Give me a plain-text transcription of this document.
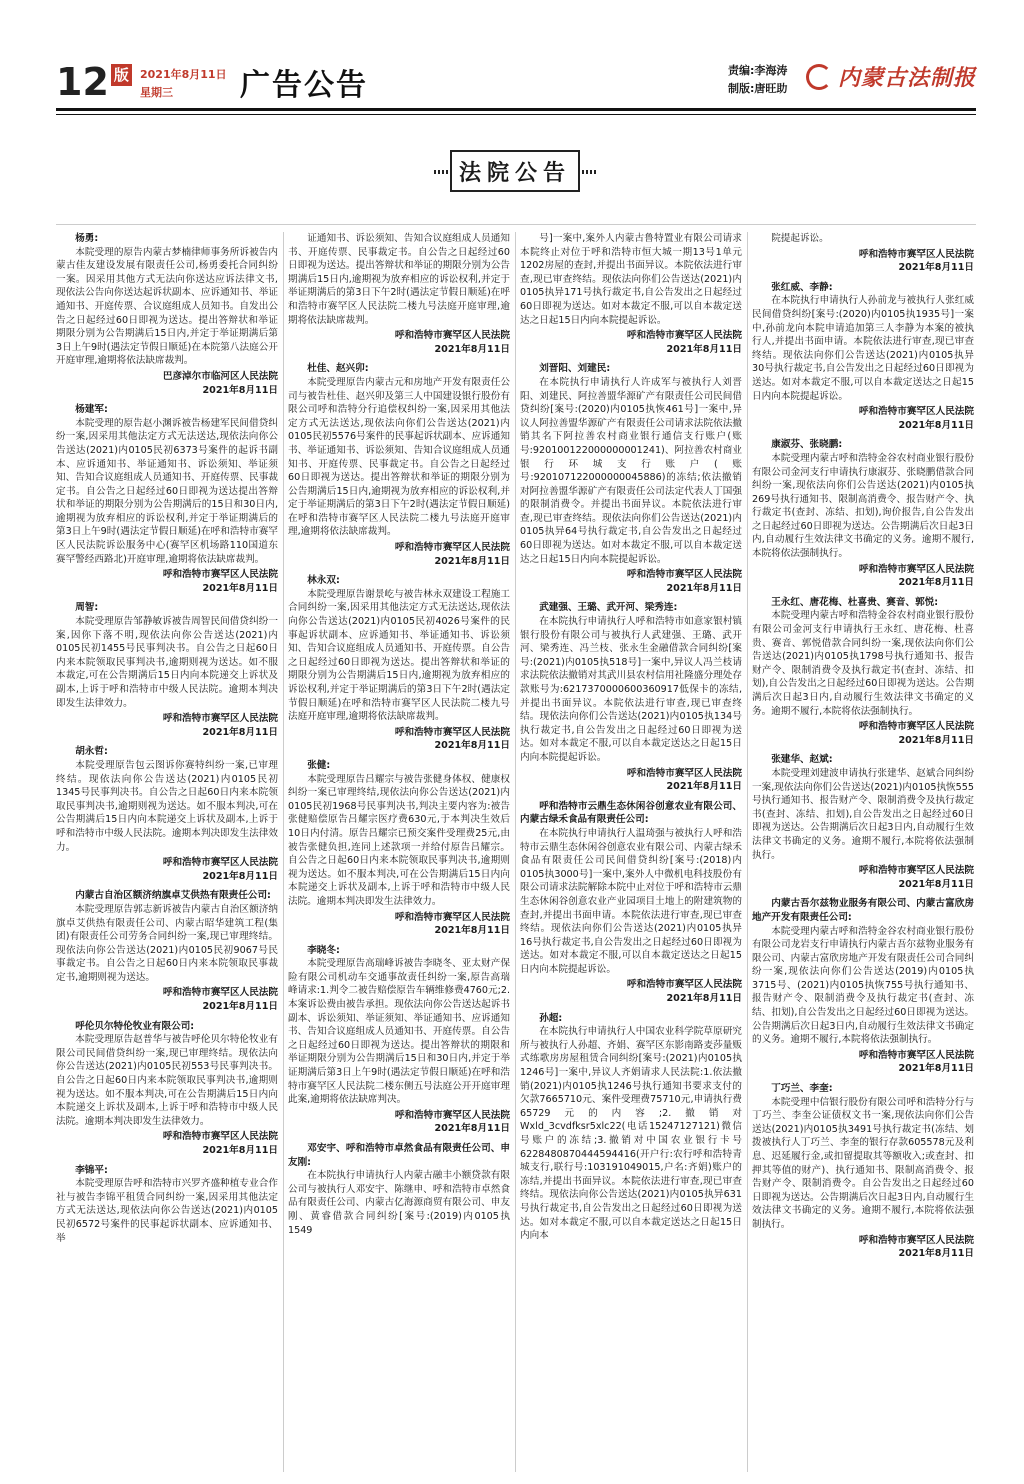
12 版 2021年8月11日
星期三	广告公告	责编:李海涛
制版:唐旺助 内蒙古法制报
法院公告

杨勇:

本院受理的原告内蒙古梦楠律师事务所诉被告内蒙古佳友建设发展有限责任公司,杨勇委托合同纠纷一案。因采用其他方式无法向你送达应诉法律文书,现依法公告向你送达起诉状副本、应诉通知书、举证通知书、开庭传票、合议庭组成人员知书。自发出公告之日起经过60日即视为送达。提出答辩状和举证期限分别为公告期满后15日内,并定于举证期满后第3日上午9时(遇法定节假日顺延)在本院第八法庭公开开庭审理,逾期将依法缺席裁判。

巴彦淖尔市临河区人民法院

2021年8月11日

杨建军:

本院受理的原告赵小渊诉被告杨建军民间借贷纠纷一案,因采用其他法定方式无法送达,现依法向你公告送达(2021)内0105民初6373号案件的起诉书副本、应诉通知书、举证通知书、诉讼须知、举证须知、告知合议庭组成人员通知书、开庭传票、民事裁定书。自公告之日起经过60日即视为送达提出答辩状和举证的期限分别为公告期满后的15日和30日内,逾期视为放弃相应的诉讼权利,并定于举证期满后的第3日上午9时(遇法定节假日顺延)在呼和浩特市赛罕区人民法院诉讼服务中心(赛罕区机场路110国道东赛罕警经西路北)开庭审理,逾期将依法缺席裁判。

呼和浩特市赛罕区人民法院

2021年8月11日

周智:

本院受理原告邹静敏诉被告周智民间借贷纠纷一案,因你下落不明,现依法向你公告送达(2021)内0105民初1455号民事判决书。自公告之日起60日内来本院领取民事判决书,逾期则视为送达。如不服本裁定,可在公告期满后15日内向本院递交上诉状及副本,上诉于呼和浩特市中级人民法院。逾期本判决即发生法律效力。

呼和浩特市赛罕区人民法院

2021年8月11日

胡永哲:

本院受理原告包云图诉你赛特纠纷一案,已审理终结。现依法向你公告送达(2021)内0105民初1345号民事判决书。自公告之日起60日内来本院领取民事判决书,逾期则视为送达。如不服本判决,可在公告期满后15日内向本院递交上诉状及副本,上诉于呼和浩特市中级人民法院。逾期本判决即发生法律效力。

呼和浩特市赛罕区人民法院

2021年8月11日

内蒙古自治区额济纳旗卓艾供热有限责任公司:

本院受理原告郭志新诉被告内蒙古自治区额济纳旗卓艾供热有限责任公司、内蒙古昭华建筑工程(集团)有限责任公司劳务合同纠纷一案,现已审理终结。现依法向你公告送达(2021)内0105民初9067号民事裁定书。自公告之日起60日内来本院领取民事裁定书,逾期则视为送达。

呼和浩特市赛罕区人民法院

2021年8月11日

呼伦贝尔特伦牧业有限公司:

本院受理原告赵普华与被告呼伦贝尔特伦牧业有限公司民间借贷纠纷一案,现已审理终结。现依法向你公告送达(2021)内0105民初553号民事判决书。自公告之日起60日内来本院领取民事判决书,逾期则视为送达。如不服本判决,可在公告期满后15日内向本院递交上诉状及副本,上诉于呼和浩特市中级人民法院。逾期本判决即发生法律效力。

呼和浩特市赛罕区人民法院

2021年8月11日

李锦平:

本院受理原告呼和浩特市兴罗齐盛种植专业合作社与被告李锦平租赁合同纠纷一案,因采用其他法定方式无法送达,现依法向你公告送达(2021)内0105民初6572号案件的民事起诉状副本、应诉通知书、举

证通知书、诉讼须知、告知合议庭组成人员通知书、开庭传票、民事裁定书。自公告之日起经过60日即视为送达。提出答辩状和举证的期限分别为公告期满后15日内,逾期视为放弃相应的诉讼权利,并定于举证期满后的第3日下午2时(遇法定节假日顺延)在呼和浩特市赛罕区人民法院二楼九号法庭开庭审理,逾期将依法缺席裁判。

呼和浩特市赛罕区人民法院

2021年8月11日

杜佳、赵兴卯:

本院受理原告内蒙古元和房地产开发有限责任公司与被告杜佳、赵兴卯及第三人中国建设银行股份有限公司呼和浩特分行追偿权纠纷一案,因采用其他法定方式无法送达,现依法向你们公告送达(2021)内0105民初5576号案件的民事起诉状副本、应诉通知书、举证通知书、诉讼须知、告知合议庭组成人员通知书、开庭传票、民事裁定书。自公告之日起经过60日即视为送达。提出答辩状和举证的期限分别为公告期满后15日内,逾期视为放弃相应的诉讼权利,并定于举证期满后的第3日下午2时(遇法定节假日顺延)在呼和浩特市赛罕区人民法院二楼九号法庭开庭审理,逾期将依法缺席裁判。

呼和浩特市赛罕区人民法院

2021年8月11日

林永双:

本院受理原告谢景屹与被告林永双建设工程施工合同纠纷一案,因采用其他法定方式无法送达,现依法向你公告送达(2021)内0105民初4026号案件的民事起诉状副本、应诉通知书、举证通知书、诉讼须知、告知合议庭组成人员通知书、开庭传票。自公告之日起经过60日即视为送达。提出答辩状和举证的期限分别为公告期满后15日内,逾期视为放弃相应的诉讼权利,并定于举证期满后的第3日下午2时(遇法定节假日顺延)在呼和浩特市赛罕区人民法院二楼九号法庭开庭审理,逾期将依法缺席裁判。

呼和浩特市赛罕区人民法院

2021年8月11日

张健:

本院受理原告吕耀宗与被告张健身体权、健康权纠纷一案已审理终结,现依法向你公告送达(2021)内0105民初1968号民事判决书,判决主要内容为:被告张健赔偿原告吕耀宗医疗费630元,于本判决生效后10日内付清。原告吕耀宗已预交案件受理费25元,由被告张健负担,连同上述款项一并给付原告吕耀宗。自公告之日起60日内来本院领取民事判决书,逾期则视为送达。如不服本判决,可在公告期满后15日内向本院递交上诉状及副本,上诉于呼和浩特市中级人民法院。逾期本判决即发生法律效力。

呼和浩特市赛罕区人民法院

2021年8月11日

李晓冬:

本院受理原告高瑞峰诉被告李晓冬、亚太财产保险有限公司机动车交通事故责任纠纷一案,原告高瑞峰请求:1.判令二被告赔偿原告车辆维修费4760元;2.本案诉讼费由被告承担。现依法向你公告送达起诉书副本、诉讼须知、举证须知、举证通知书、应诉通知书、告知合议庭组成人员通知书、开庭传票。自公告之日起经过60日即视为送达。提出答辩状的期限和举证期限分别为公告期满后15日和30日内,并定于举证期满后第3日上午9时(遇法定节假日顺延)在呼和浩特市赛罕区人民法院二楼东侧五号法庭公开开庭审理此案,逾期将依法缺席判决。

呼和浩特市赛罕区人民法院

2021年8月11日

邓安宇、呼和浩特市卓然食品有限责任公司、申友刚:

在本院执行申请执行人内蒙古融丰小额贷款有限公司与被执行人邓安宇、陈继申、呼和浩特市卓然食品有限责任公司、内蒙古亿海源商贸有限公司、申友刚、黄睿借款合同纠纷[案号:(2019)内0105执1549

号]一案中,案外人内蒙古鲁特置业有限公司请求本院终止对位于呼和浩特市恒大城一期13号1单元1202房屋的查封,并提出书面异议。本院依法进行审查,现已审查终结。现依法向你们公告送达(2021)内0105执异171号执行裁定书,自公告发出之日起经过60日即视为送达。如对本裁定不服,可以自本裁定送达之日起15日内向本院提起诉讼。

呼和浩特市赛罕区人民法院

2021年8月11日

刘晋阳、刘建民:

在本院执行申请执行人许成军与被执行人刘晋阳、刘建民、阿拉善盟华源矿产有限责任公司民间借贷纠纷[案号:(2020)内0105执恢461号]一案中,异议人阿拉善盟华源矿产有限责任公司请求法院依法撤销其名下阿拉善农村商业银行通信支行账户(账号:920100122000000001241)、阿拉善农村商业银行环城支行账户(账号:920107122000000045886)的冻结;依法撤销对阿拉善盟华源矿产有限责任公司法定代表人丁国强的限制消费令。并提出书面异议。本院依法进行审查,现已审查终结。现依法向你们公告送达(2021)内0105执异64号执行裁定书,自公告发出之日起经过60日即视为送达。如对本裁定不服,可以自本裁定送达之日起15日内向本院提起诉讼。

呼和浩特市赛罕区人民法院

2021年8月11日

武建强、王璐、武开河、梁秀连:

在本院执行申请执行人呼和浩特市如意家银村镇银行股份有限公司与被执行人武建强、王璐、武开河、梁秀连、冯兰枝、张永生金融借款合同纠纷[案号:(2021)内0105执518号]一案中,异议人冯兰枝请求法院依法撤销对其武川县农村信用社隆盛分理处存款账号为:6217370000600360917低保卡的冻结,并提出书面异议。本院依法进行审查,现已审查终结。现依法向你们公告送达(2021)内0105执134号执行裁定书,自公告发出之日起经过60日即视为送达。如对本裁定不服,可以自本裁定送达之日起15日内向本院提起诉讼。

呼和浩特市赛罕区人民法院

2021年8月11日

呼和浩特市云鼎生态休闲谷创意农业有限公司、内蒙古绿禾食品有限责任公司:

在本院执行申请执行人温琦强与被执行人呼和浩特市云鼎生态休闲谷创意农业有限公司、内蒙古绿禾食品有限责任公司民间借贷纠纷[案号:(2018)内0105执3000号]一案中,案外人中微机电科技股份有限公司请求法院解除本院中止对位于呼和浩特市云鼎生态休闲谷创意农业产业园项目土地上的附建筑物的查封,并提出书面申请。本院依法进行审查,现已审查终结。现依法向你们公告送达(2021)内0105执异16号执行裁定书,自公告发出之日起经过60日即视为送达。如对本裁定不服,可以自本裁定送达之日起15日内向本院提起诉讼。

呼和浩特市赛罕区人民法院

2021年8月11日

孙超:

在本院执行申请执行人中国农业科学院草原研究所与被执行人孙超、齐娟、赛罕区东影南路麦莎量贩式练歌房房屋租赁合同纠纷[案号:(2021)内0105执1246号]一案中,异议人齐娟请求人民法院:1.依法撤销(2021)内0105执1246号执行通知书要求支付的欠款7665710元、案件受理费75710元,申请执行费65729元的内容;2.撤销对Wxld_3cvdfksr5xlc22(电话15247127121)微信号账户的冻结;3.撤销对中国农业银行卡号6228480870444594416(开户行:农行呼和浩特青城支行,联行号:103191049015,户名:齐娟)账户的冻结,并提出书面异议。本院依法进行审查,现已审查终结。现依法向你公告送达(2021)内0105执异631号执行裁定书,自公告发出之日起经过60日即视为送达。如对本裁定不服,可以自本裁定送达之日起15日内向本

院提起诉讼。

呼和浩特市赛罕区人民法院

2021年8月11日

张红威、李静:

在本院执行申请执行人孙前龙与被执行人张红威民间借贷纠纷[案号:(2020)内0105执1935号]一案中,孙前龙向本院申请追加第三人李静为本案的被执行人,并提出书面申请。本院依法进行审查,现已审查终结。现依法向你们公告送达(2021)内0105执异30号执行裁定书,自公告发出之日起经过60日即视为送达。如对本裁定不服,可以自本裁定送达之日起15日内向本院提起诉讼。

呼和浩特市赛罕区人民法院

2021年8月11日

康淑芬、张晓鹏:

本院受理内蒙古呼和浩特金谷农村商业银行股份有限公司金河支行申请执行康淑芬、张晓鹏借款合同纠纷一案,现依法向你们公告送达(2021)内0105执269号执行通知书、限制高消费令、报告财产令、执行裁定书(查封、冻结、扣划),询价报告,自公告发出之日起经过60日即视为送达。公告期满后次日起3日内,自动履行生效法律文书确定的义务。逾期不履行,本院将依法强制执行。

呼和浩特市赛罕区人民法院

2021年8月11日

王永红、唐花梅、杜喜贵、赛音、郭悦:

本院受理内蒙古呼和浩特金谷农村商业银行股份有限公司金河支行申请执行王永红、唐花梅、杜喜贵、赛音、郭悦借款合同纠纷一案,现依法向你们公告送达(2021)内0105执1798号执行通知书、报告财产令、限制消费令及执行裁定书(查封、冻结、扣划),自公告发出之日起经过60日即视为送达。公告期满后次日起3日内,自动履行生效法律文书确定的义务。逾期不履行,本院将依法强制执行。

呼和浩特市赛罕区人民法院

2021年8月11日

张建华、赵斌:

本院受理刘建波申请执行张建华、赵斌合同纠纷一案,现依法向你们公告送达(2021)内0105执恢555号执行通知书、报告财产令、限制消费令及执行裁定书(查封、冻结、扣划),自公告发出之日起经过60日即视为送达。公告期满后次日起3日内,自动履行生效法律文书确定的义务。逾期不履行,本院将依法强制执行。

呼和浩特市赛罕区人民法院

2021年8月11日

内蒙古吾尔兹物业服务有限公司、内蒙古富欣房地产开发有限责任公司:

本院受理内蒙古呼和浩特金谷农村商业银行股份有限公司龙岩支行申请执行内蒙古吾尔兹物业服务有限公司、内蒙古富欣房地产开发有限责任公司合同纠纷一案,现依法向你们公告送达(2019)内0105执3715号、(2021)内0105执恢755号执行通知书、报告财产令、限制消费令及执行裁定书(查封、冻结、扣划),自公告发出之日起经过60日即视为送达。公告期满后次日起3日内,自动履行生效法律文书确定的义务。逾期不履行,本院将依法强制执行。

呼和浩特市赛罕区人民法院

2021年8月11日

丁巧兰、李奎:

本院受理中信银行股份有限公司呼和浩特分行与丁巧兰、李奎公证债权文书一案,现依法向你们公告送达(2021)内0105执3491号执行裁定书(冻结、划拨被执行人丁巧兰、李奎的银行存款605578元及利息、迟延履行金,或扣留提取其等额收入;或查封、扣押其等值的财产)、执行通知书、限制高消费令、报告财产令、限制消费令。自公告发出之日起经过60日即视为送达。公告期满后次日起3日内,自动履行生效法律文书确定的义务。逾期不履行,本院将依法强制执行。

呼和浩特市赛罕区人民法院

2021年8月11日
